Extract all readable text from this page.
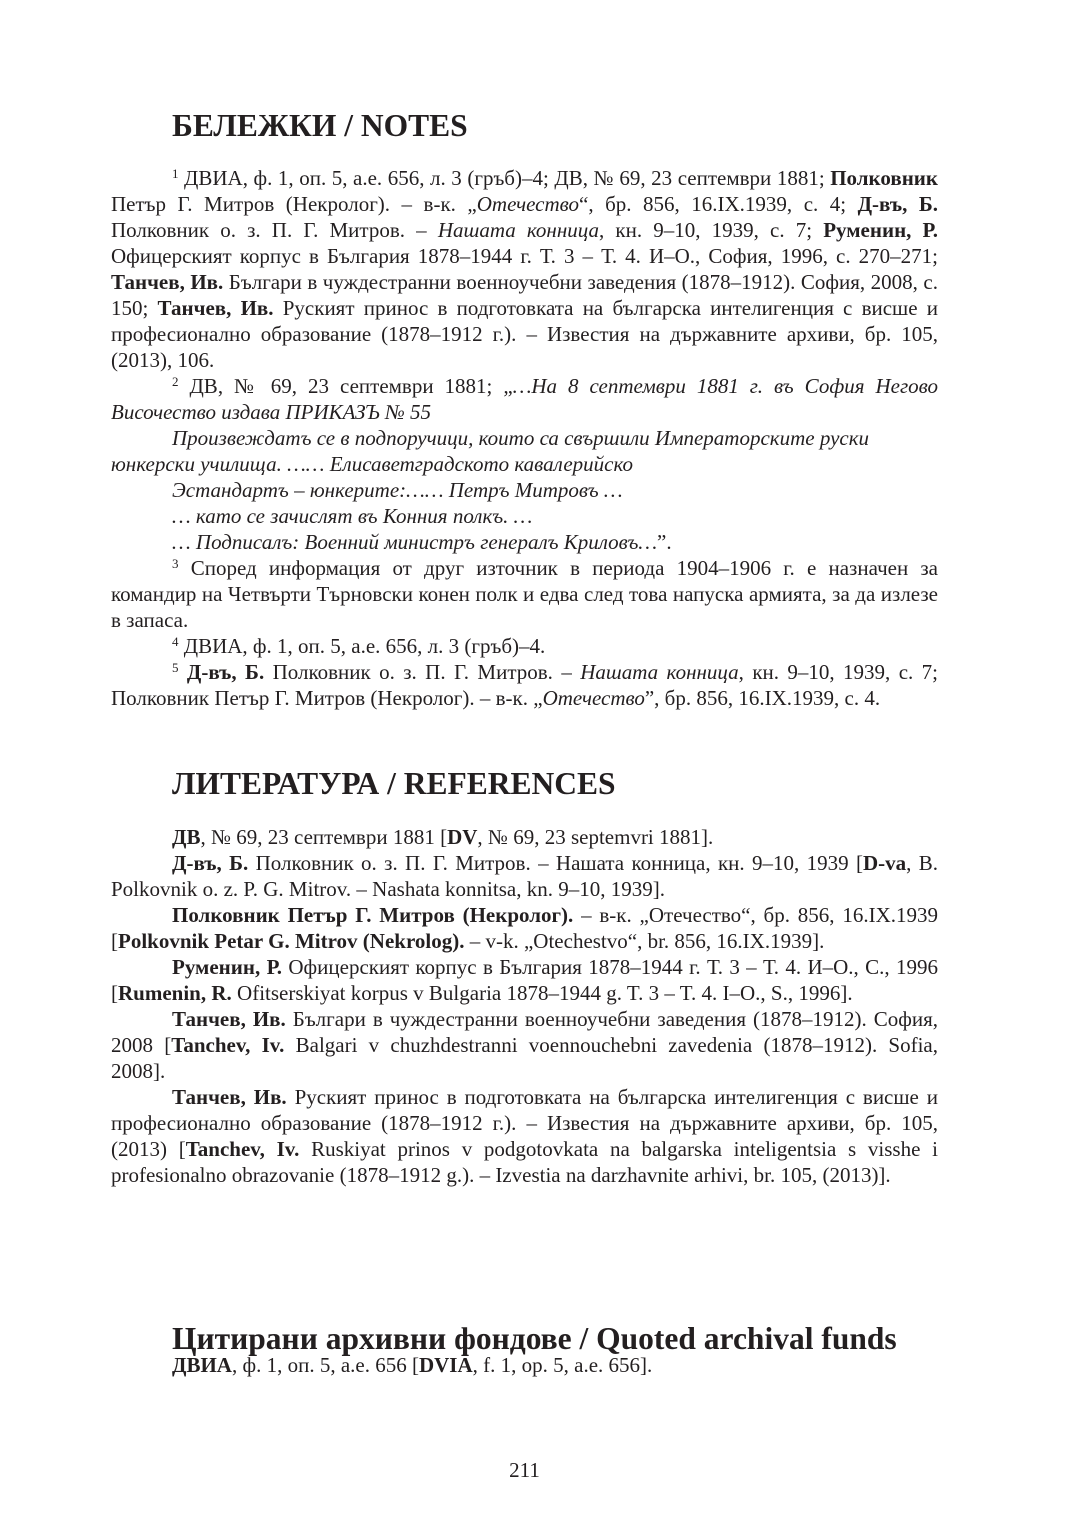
БЕЛЕЖКИ / NOTES

$^1$ ДВИА, ф. 1, оп. 5, а.е. 656, л. 3 (гръб)–4; ДВ, № 69, 23 септември 1881; Полковник Петър Г. Митров (Некролог). – в-к. „Отечество“, бр. 856, 16.IX.1939, с. 4; Д-въ, Б. Полковник о. з. П. Г. Митров. – Нашата конница, кн. 9–10, 1939, с. 7; Руменин, Р. Офицерският корпус в България 1878–1944 г. Т. 3 – Т. 4. И–О., София, 1996, с. 270–271; Танчев, Ив. Българи в чуждестранни военноучебни заведения (1878–1912). София, 2008, с. 150; Танчев, Ив. Руският принос в подготовката на българска интелигенция с висше и професионално образование (1878–1912 г.). – Известия на държавните архиви, бр. 105, (2013), 106.

$^2$ ДВ, № 69, 23 септември 1881; „…На 8 септември 1881 г. въ София Негово Височество издава ПРИКАЗЪ № 55

Произвеждатъ се в подпоручици, които са свършили Императорските руски юнкерски училища. …… Елисаветградското кавалерийско

Эстандартъ – юнкерите:…… Петръ Митровъ …

… като се зачислят въ Конния полкъ. …

… Подписалъ: Военний министръ генералъ Криловъ…”.

$^3$ Според информация от друг източник в периода 1904–1906 г. е назначен за командир на Четвърти Търновски конен полк и едва след това напуска армията, за да излезе в запаса.

$^4$ ДВИА, ф. 1, оп. 5, а.е. 656, л. 3 (гръб)–4.

$^5$ Д-въ, Б. Полковник о. з. П. Г. Митров. – Нашата конница, кн. 9–10, 1939, с. 7; Полковник Петър Г. Митров (Некролог). – в-к. „Отечество”, бр. 856, 16.IX.1939, с. 4.

ЛИТЕРАТУРА / REFERENCES

ДВ, № 69, 23 септември 1881 [DV, № 69, 23 septemvri 1881].

Д-въ, Б. Полковник о. з. П. Г. Митров. – Нашата конница, кн. 9–10, 1939 [D-va, B. Polkovnik o. z. P. G. Mitrov. – Nashata konnitsa, kn. 9–10, 1939].

Полковник Петър Г. Митров (Некролог). – в-к. „Отечество“, бр. 856, 16.IX.1939 [Polkovnik Petar G. Mitrov (Nekrolog). – v-k. „Otechestvo“, br. 856, 16.IX.1939].

Руменин, Р. Офицерският корпус в България 1878–1944 г. Т. 3 – Т. 4. И–О., С., 1996 [Rumenin, R. Ofitserskiyat korpus v Bulgaria 1878–1944 g. T. 3 – T. 4. I–O., S., 1996].

Танчев, Ив. Българи в чуждестранни военноучебни заведения (1878–1912). София, 2008 [Tanchev, Iv. Balgari v chuzhdestranni voennouchebni zavedenia (1878–1912). Sofia, 2008].

Танчев, Ив. Руският принос в подготовката на българска интелигенция с висше и професионално образование (1878–1912 г.). – Известия на държавните архиви, бр. 105, (2013) [Tanchev, Iv. Ruskiyat prinos v podgotovkata na balgarska inteligentsia s visshe i profesionalno obrazovanie (1878–1912 g.). – Izvestia na darzhavnite arhivi, br. 105, (2013)].

Цитирани архивни фондове / Quoted archival funds

ДВИА, ф. 1, оп. 5, а.е. 656 [DVIA, f. 1, op. 5, a.e. 656].

211
